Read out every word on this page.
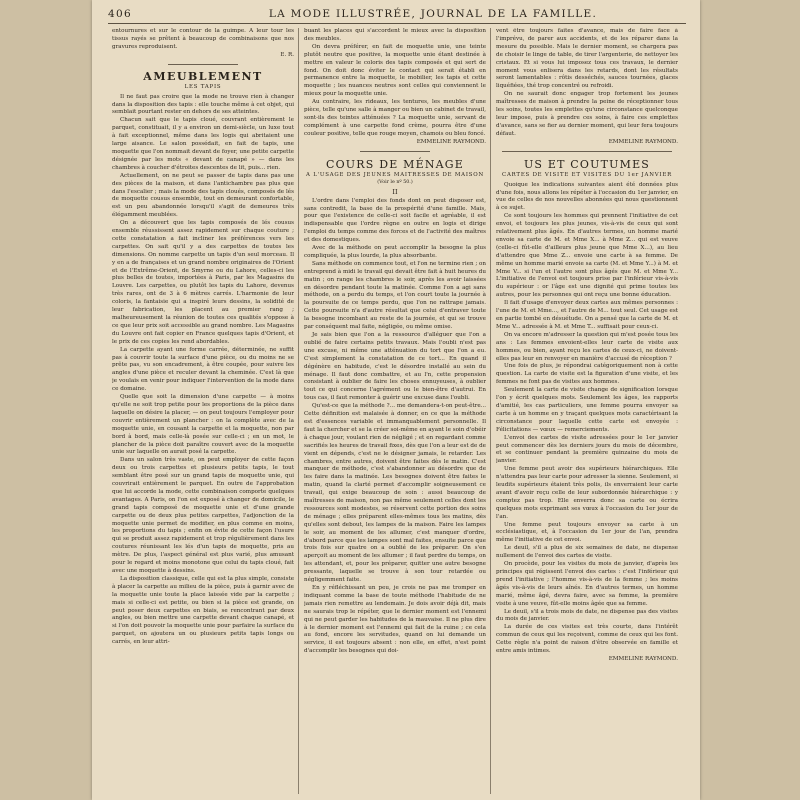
406	LA MODE ILLUSTRÉE, JOURNAL DE LA FAMILLE.

entournures et sur le contour de la guimpe. A leur tour les tissus rayés se prêtent à beaucoup de combinaisons que nos gravures reproduisent.

E. R.

AMEUBLEMENT
LES TAPIS

Il ne faut pas croire que la mode ne trouve rien à changer dans la disposition des tapis : elle touche même à cet objet, qui semblait pourtant rester en dehors de ses atteintes.

Chacun sait que le tapis cloué, couvrant entièrement le parquet, constituait, il y a environ un demi-siècle, un luxe tout à fait exceptionnel, même dans les logis qui abritaient une large aisance. Le salon possédait, en fait de tapis, une moquette que l'on nommait devant de foyer, une petite carpette désignée par les mots « devant de canapé » — dans les chambres à coucher d'étroites descentes de lit, puis... rien.

Actuellement, on ne peut se passer de tapis dans pas une des pièces de la maison, et dans l'antichambre pas plus que dans l'escalier ; mais la mode des tapis cloués, composés de lés de moquette cousus ensemble, tout en demeurant confortable, est un peu abandonnée lorsqu'il s'agit de demeures très élégamment meublées.

On a découvert que les tapis composés de lés cousus ensemble réussissent assez rapidement sur chaque couture ; cette constatation a fait incliner les préférences vers les carpettes. On sait qu'il y a des carpettes de toutes les dimensions. On nomme carpette un tapis d'un seul morceau. Il y en a de françaises et un grand nombre originaires de l'Orient et de l'Extrême-Orient, de Smyrne ou du Lahore, celles-ci les plus belles de toutes, importées à Paris, par les Magasins du Louvre. Les carpettes, ou plutôt les tapis du Lahore, devenus très rares, ont de 3 à 6 mètres carrés. L'harmonie de leur coloris, la fantaisie qui a inspiré leurs dessins, la solidité de leur fabrication, les placent au premier rang ; malheureusement la réunion de toutes ces qualités s'oppose à ce que leur prix soit accessible au grand nombre. Les Magasins du Louvre ont fait copier en France quelques tapis d'Orient, et le prix de ces copies les rend abordables.

La carpette ayant une forme carrée, déterminée, ne suffit pas à couvrir toute la surface d'une pièce, ou du moins ne se prête pas, vu son encadrement, à être coupée, pour suivre les angles d'une pièce et reculer devant la cheminée. C'est là que je voulais en venir pour indiquer l'intervention de la mode dans ce domaine.

Quelle que soit la dimension d'une carpette — à moins qu'elle ne soit trop petite pour les proportions de la pièce dans laquelle on désire la placer, — on peut toujours l'employer pour couvrir entièrement un plancher : on la complète avec de la moquette unie, en cousant la carpette et la moquette, non par bord à bord, mais celle-là posée sur celle-ci ; en un mot, le plancher de la pièce doit paraître couvert avec de la moquette unie sur laquelle on aurait posé la carpette.

Dans un salon très vaste, on peut employer de cette façon deux ou trois carpettes et plusieurs petits tapis, le tout semblant être posé sur un grand tapis de moquette unie, qui couvrirait entièrement le parquet. En outre de l'approbation que lui accorde la mode, cette combinaison comporte quelques avantages. A Paris, on l'on est exposé à changer de domicile, le grand tapis composé de moquette unie et d'une grande carpette ou de deux plus petites carpettes, l'adjonction de la moquette unie permet de modifier, en plus comme en moins, les proportions du tapis ; enfin on évite de cette façon l'usure qui se produit assez rapidement et trop régulièrement dans les coutures réunissant les lés d'un tapis de moquette, pris au mètre. De plus, l'aspect général est plus varié, plus amusant pour le regard et moins monotone que celui du tapis cloué, fait avec une moquette à dessins.

La disposition classique, celle qui est la plus simple, consiste à placer la carpette au milieu de la pièce, puis à garnir avec de la moquette unie toute la place laissée vide par la carpette ; mais si celle-ci est petite, ou bien si la pièce est grande, on peut poser deux carpettes en biais, se rencontrant par deux angles, ou bien mettre une carpette devant chaque canapé, et si l'on doit pouvoir la moquette unie pour parfaire la surface du parquet, on ajoutera un ou plusieurs petits tapis longs ou carrés, en leur attri-

buant les places qui s'accordent le mieux avec la disposition des meubles.

On devra préférer, en fait de moquette unie, une teinte plutôt neutre que positive, la moquette unie étant destinée à mettre en valeur le coloris des tapis composés et qui sert de fond. On doit donc éviter le contact qui serait établi en permanence entre la moquette, le mobilier, les tapis et cette moquette ; les nuances neutres sont celles qui conviennent le mieux pour la moquette unie.

Au contraire, les rideaux, les tentures, les meubles d'une pièce, telle qu'une salle à manger ou bien un cabinet de travail, sont-ils des teintes atténuées ? La moquette unie, servant de complément à une carpette fond crème, pourra être d'une couleur positive, telle que rouge moyen, chamois ou bleu foncé.

EMMELINE RAYMOND.

COURS DE MÉNAGE
A L'USAGE DES JEUNES MAITRESSES DE MAISON
(Voir le nº 50.)
II

L'ordre dans l'emploi des fonds dont on peut disposer est, sans contredit, la base de la prospérité d'une famille. Mais, pour que l'existence de celle-ci soit facile et agréable, il est indispensable que l'ordre règne en outre en logis et dirige l'emploi du temps comme des forces et de l'activité des maîtres et des domestiques.

Avec de la méthode on peut accomplir la besogne la plus compliquée, la plus lourde, la plus absorbante.

Sans méthode on commence tout, et l'on ne termine rien ; on entreprend à midi le travail qui devait être fait à huit heures du matin ; on range les chambres le soir, après les avoir laissées en désordre pendant toute la matinée. Comme l'on a agi sans méthode, on a perdu du temps, et l'on court toute la journée à la poursuite de ce temps perdu, que l'on ne rattrape jamais. Cette poursuite n'a d'autre résultat que celui d'entraver toute la besogne incombant au reste de la journée, et qui se trouve par conséquent mal faite, négligée, ou même omise.

Je sais bien que l'on a la ressource d'alléguer que l'on a oublié de faire certains petits travaux. Mais l'oubli n'est pas une excuse, ni même une atténuation du tort que l'on a eu. C'est simplement la constatation de ce tort... En quand il dégénère en habitude, c'est le désordre installé au sein du ménage. Il faut donc combattre, et au l'n, cette propension consistant à oublier de faire les choses ennuyeuses, à oublier tout ce qui concerne l'agrément ou le bien-être d'autrui. En tous cas, il faut remonter à guérir une excuse dans l'oubli.

Qu'est-ce que la méthode ?... me demandera-t-on peut-être... Cette définition est malaisée à donner, en ce que la méthode est d'essences variable et immanquablement personnelle. Il faut la chercher et se la créer soi-même en ayant le soin d'obéir à chaque jour, voulant rien de négligé ; et en regardant comme sacrifiés les heures de travail fixes, dès que l'on a leur est de de vient en dépends, c'est ne le désigner jamais, le retarder. Les chambres, entre autres, doivent être faites dès le matin. C'est manquer de méthode, c'est s'abandonner au désordre que de les faire dans la matinée. Les besognes doivent être faites le matin, quand la clarté permet d'accomplir soigneusement ce travail, qui exige beaucoup de soin : aussi beaucoup de maîtresses de maison, non pas même seulement celles dont les ressources sont modestes, se réservent cette portion des soins de ménage ; elles préparent elles-mêmes tous les matins, dès qu'elles sont debout, les lampes de la maison. Faire les lampes le soir, au moment de les allumer, c'est manquer d'ordre, d'abord parce que les lampes sont mal faites, ensuite parce que trois fois sur quatre on a oublié de les préparer. On s'en aperçoit au moment de les allumer ; il faut perdre du temps, on les attendant, et, pour les préparer, quitter une autre besogne pressante, laquelle se trouve à son tour retardée ou négligemment faite.

En y réfléchissant un peu, je crois ne pas me tromper en indiquant comme la base de toute méthode l'habitude de ne jamais rien remettre au lendemain. Je dois avoir déjà dit, mais ne saurais trop le répéter, que le dernier moment est l'ennemi qui ne peut garder les habitudes de la mauvaise. Il ne plus dire à le dernier moment est l'ennemi qui fait de la ruine ; ce cela au fond, encore les servitudes, quand on lui demande un service, il est toujours absent : non elle, en effet, n'est point d'accomplir les besognes qui doi-

vent être toujours faites d'avance, mais de faire face à l'imprévu, de parer aux accidents, et de les réparer dans la mesure du possible. Mais le dernier moment, se chargera pas de choisir le linge de table, de tirer l'argenterie, de nettoyer les cristaux. Et si vous lui imposez tous ces travaux, le dernier moment vous enlisera dans les retards, dont les résultats seront lamentables : rôtis desséchés, sauces tournées, glaces liquéfiées, thé trop concentré ou refroidi.

On ne saurait donc engager trop fortement les jeunes maîtresses de maison à prendre la peine de réceptionner tous les soins, toutes les emplettes qu'une circonstance quelconque leur impose, puis à prendre ces soins, à faire ces emplettes d'avance, sans se fier au dernier moment, qui leur fera toujours défaut.

EMMELINE RAYMOND.

US ET COUTUMES
CARTES DE VISITE ET VISITES DU 1er JANVIER

Quoique les indications suivantes aient été données plus d'une fois, nous allons les répéter à l'occasion du 1er janvier, en vue de celles de nos nouvelles abonnées qui nous questionnent à ce sujet.

Ce sont toujours les hommes qui prennent l'initiative de cet envoi, et toujours les plus jeunes, vis-à-vis de ceux qui sont relativement plus âgés. En d'autres termes, un homme marié envoie sa carte de M. et Mme X... à Mme Z... qui est veuve (celle-ci fût-elle d'ailleurs plus jeune que Mme X...), au lieu d'attendre que Mme Z... envoie une carte à sa femme. De même un homme marié envoie sa carte (M. et Mme Y...) à M. et Mme V... si l'un et l'autre sont plus âgés que M. et Mme Y... L'initiative de l'envoi est toujours prise par l'inférieur vis-à-vis du supérieur : or l'âge est une dignité qui prime toutes les autres, pour les personnes qui ont reçu une bonne éducation.

Il fait d'usage d'envoyer deux cartes aux mêmes personnes : l'une de M. et Mme..., et l'autre de M... tout seul. Cet usage est en partie tombé en désuétude. On a pensé que la carte de M. et Mme V... adressée à M. et Mme T... suffisait pour ceux-ci.

On va encore m'adresser la question qui m'est posée tous les ans : Les femmes envoient-elles leur carte de visite aux hommes, ou bien, ayant reçu les cartes de ceux-ci, ne doivent-elles pas leur en renvoyer en manière d'accusé de réception ?

Une fois de plus, je répondrai catégoriquement non à cette question. La carte de visite est la figuration d'une visite, et les femmes ne font pas de visites aux hommes.

Seulement la carte de visite change de signification lorsque l'on y écrit quelques mots. Seulement les âges, les rapports d'amitié, les cas particuliers, une femme pourra envoyer sa carte à un homme en y traçant quelques mots caractérisant la circonstance pour laquelle cette carte est envoyée : Félicitations — vœux — remerciements.

L'envoi des cartes de visite adressées pour le 1er janvier peut commencer dès les derniers jours du mois de décembre, et se continuer pendant la première quinzaine du mois de janvier.

Une femme peut avoir des supérieurs hiérarchiques. Elle n'attendra pas leur carte pour adresser la sienne. Seulement, si leudits supérieurs étaient très polis, ils enverraient leur carte avant d'avoir reçu celle de leur subordonnée hiérarchique : y comptez pas trop. Elle enverra donc sa carte ou écrira quelques mots exprimant ses vœux à l'occasion du 1er jour de l'an.

Une femme peut toujours envoyer sa carte à un ecclésiastique, et, à l'occasion du 1er jour de l'an, prendra même l'initiative de cet envoi.

Le deuil, s'il a plus de six semaines de date, ne dispense nullement de l'envoi des cartes de visite.

On procède, pour les visites du mois de janvier, d'après les principes qui régissent l'envoi des cartes : c'est l'inférieur qui prend l'initiative ; l'homme vis-à-vis de la femme ; les moins âgés vis-à-vis de leurs aînés. En d'autres termes, un homme marié, même âgé, devra faire, avec sa femme, la première visite à une veuve, fût-elle moins âgée que sa femme.

Le deuil, s'il a trois mois de date, ne dispense pas des visites du mois de janvier.

La durée de ces visites est très courte, dans l'intérêt commun de ceux qui les reçoivent, comme de ceux qui les font. Cette règle n'a point de raison d'être observée en famille et entre amis intimes.

EMMELINE RAYMOND.
